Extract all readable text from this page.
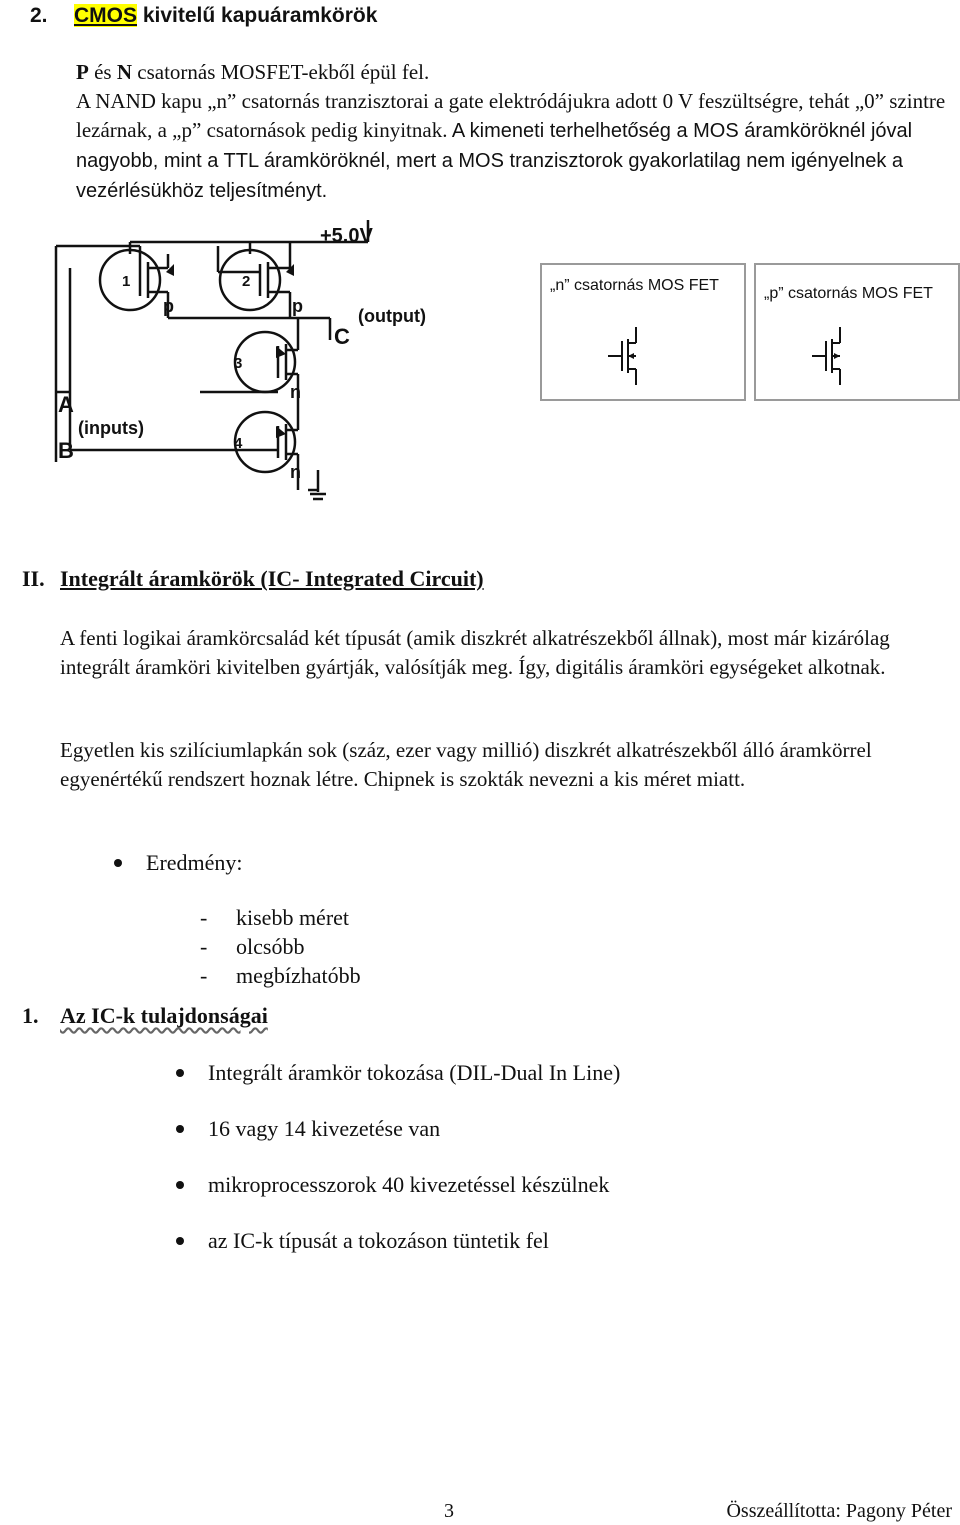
2. CMOS kivitelű kapuáramkörök

P és N csatornás MOSFET-ekből épül fel.

A NAND kapu „n” csatornás tranzisztorai a gate elektródájukra adott 0 V feszültségre, tehát „0” szintre lezárnak, a „p” csatornások pedig kinyitnak. A kimeneti terhelhetőség a MOS áramköröknél jóval nagyobb, mint a TTL áramköröknél, mert a MOS tranzisztorok gyakorlatilag nem igényelnek a vezérlésükhöz teljesítményt.

+5.0V
1	2
3
4
p	p
n
n
C
(output)
A
B
(inputs)
„n” csatornás MOS FET	„p” csatornás MOS FET
II. Integrált áramkörök (IC- Integrated Circuit)

A fenti logikai áramkörcsalád két típusát (amik diszkrét alkatrészekből állnak), most már kizárólag integrált áramköri kivitelben gyártják, valósítják meg. Így, digitális áramköri egységeket alkotnak.

Egyetlen kis szilíciumlapkán sok (száz, ezer vagy millió) diszkrét alkatrészekből álló áramkörrel egyenértékű rendszert hoznak létre. Chipnek is szokták nevezni a kis méret miatt.

Eredmény:
- kisebb méret
- olcsóbb
- megbízhatóbb
1. Az IC-k tulajdonságai
Integrált áramkör tokozása (DIL-Dual In Line)
16 vagy 14 kivezetése van
mikroprocesszorok 40 kivezetéssel készülnek
az IC-k típusát a tokozáson tüntetik fel
3	Összeállította: Pagony Péter
